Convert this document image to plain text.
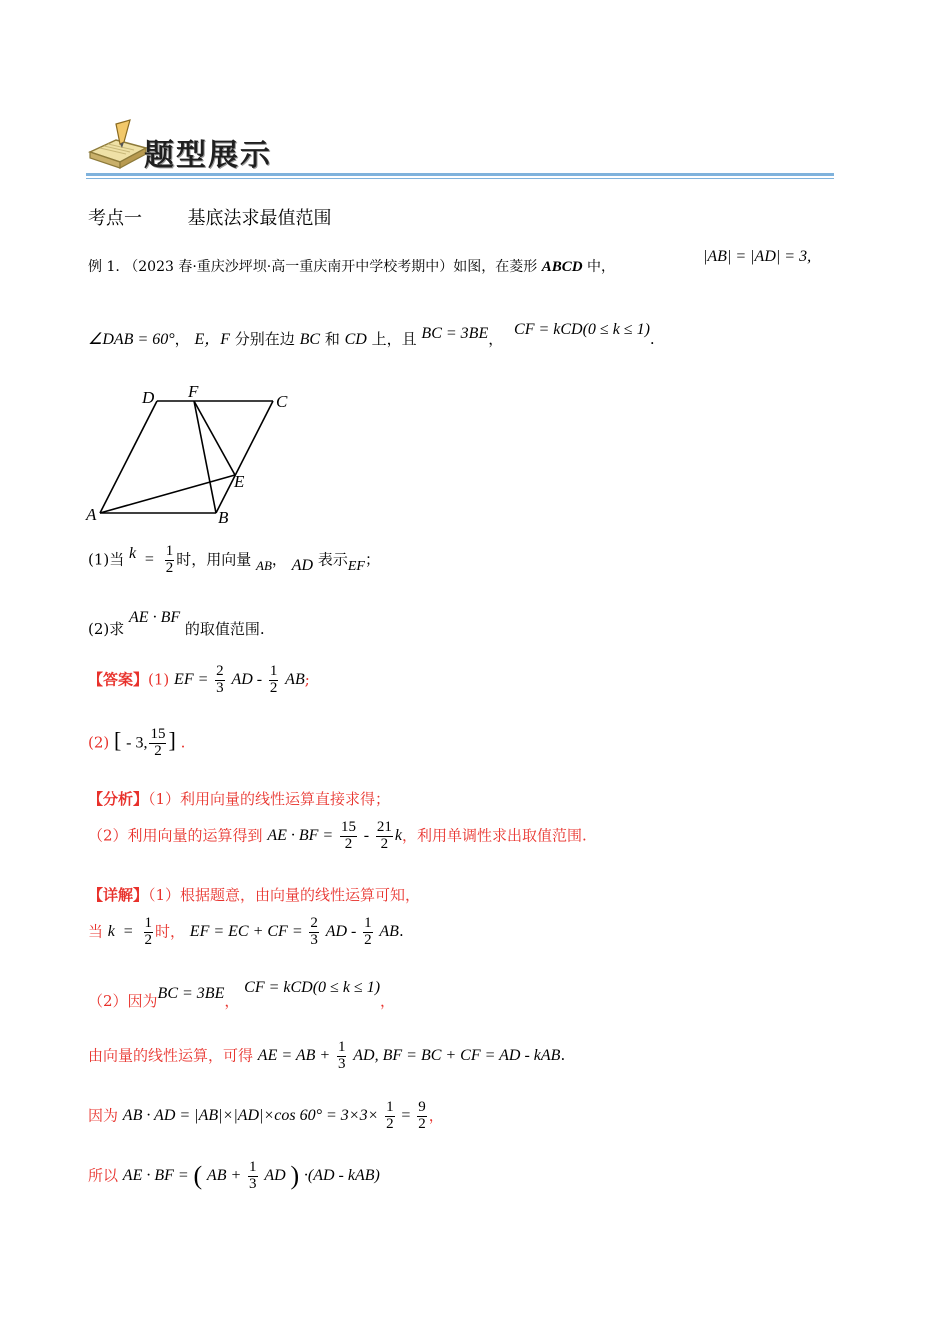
题型展示
考点一	基底法求最值范围
例 1. （2023 春·重庆沙坪坝·高一重庆南开中学校考期中）如图，在菱形 ABCD 中，
|AB| = |AD| = 3,
∠DAB = 60°， E，F 分别在边 BC 和 CD 上，且 BC = 3BE， CF = kCD(0 ≤ k ≤ 1).
A	B
C
D
E
F
(1)当 $k = \frac{1}{2}$ 时，用向量 AB， AD 表示EF；
(2)求 AE · BF 的取值范围.
【答案】(1) EF = $\frac{2}{3}$ AD - $\frac{1}{2}$ AB;
(2) [ - 3, $\frac{15}{2}$ ] .
【分析】（1）利用向量的线性运算直接求得；
（2）利用向量的运算得到 AE · BF = $\frac{15}{2} - \frac{21}{2}$ k，利用单调性求出取值范围.
【详解】（1）根据题意，由向量的线性运算可知，
当 $k = \frac{1}{2}$ 时， EF = EC + CF = $\frac{2}{3}$ AD - $\frac{1}{2}$ AB.
（2）因为BC = 3BE， CF = kCD(0 ≤ k ≤ 1)，
由向量的线性运算，可得 AE = AB + $\frac{1}{3}$ AD, BF = BC + CF = AD - kAB.
因为 AB · AD = |AB|×|AD|×cos $60^\circ = 3\times 3\times \frac{1}{2} = \frac{9}{2}$ ，
所以 AE · BF = ( AB + $\frac{1}{3}$ AD ) ·(AD - kAB)
